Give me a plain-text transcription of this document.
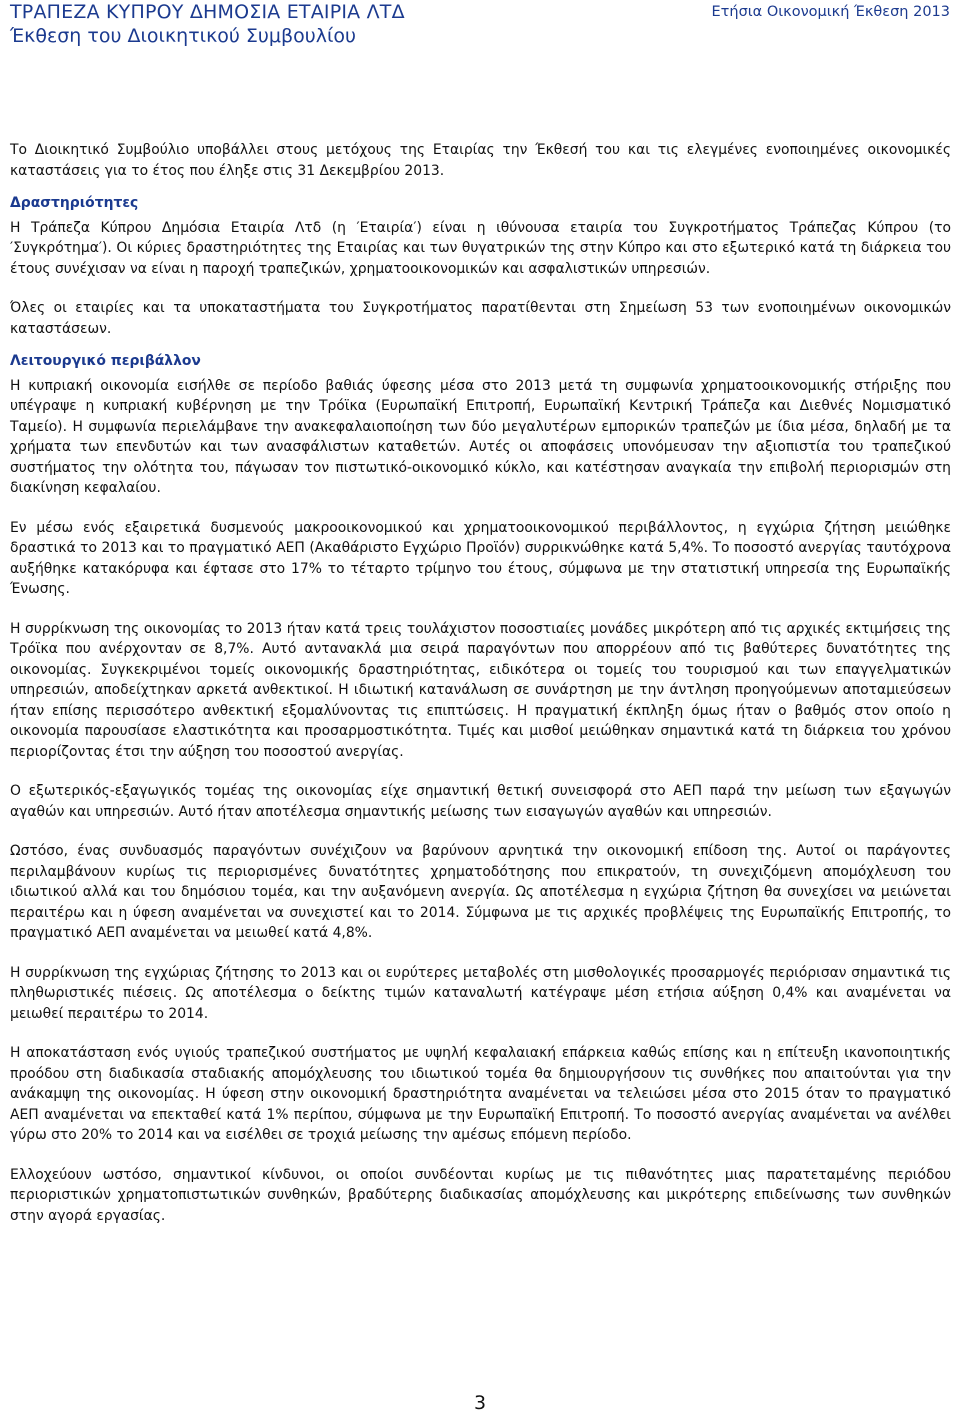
ΤΡΑΠΕΖΑ ΚΥΠΡΟΥ ΔΗΜΟΣΙΑ ΕΤΑΙΡΙΑ ΛΤΔ
Έκθεση του Διοικητικού Συμβουλίου
Ετήσια Οικονομική Έκθεση 2013

Το Διοικητικό Συμβούλιο υποβάλλει στους μετόχους της Εταιρίας την Έκθεσή του και τις ελεγμένες ενοποιημένες οικονομικές καταστάσεις για το έτος που έληξε στις 31 Δεκεμβρίου 2013.

Δραστηριότητες

Η Τράπεζα Κύπρου Δημόσια Εταιρία Λτδ (η ′Εταιρία′) είναι η ιθύνουσα εταιρία του Συγκροτήματος Τράπεζας Κύπρου (το ′Συγκρότημα′). Οι κύριες δραστηριότητες της Εταιρίας και των θυγατρικών της στην Κύπρο και στο εξωτερικό κατά τη διάρκεια του έτους συνέχισαν να είναι η παροχή τραπεζικών, χρηματοοικονομικών και ασφαλιστικών υπηρεσιών.

Όλες οι εταιρίες και τα υποκαταστήματα του Συγκροτήματος παρατίθενται στη Σημείωση 53 των ενοποιημένων οικονομικών καταστάσεων.

Λειτουργικό περιβάλλον

Η κυπριακή οικονομία εισήλθε σε περίοδο βαθιάς ύφεσης μέσα στο 2013 μετά τη συμφωνία χρηματοοικονομικής στήριξης που υπέγραψε η κυπριακή κυβέρνηση με την Τρόϊκα (Ευρωπαϊκή Επιτροπή, Ευρωπαϊκή Κεντρική Τράπεζα και Διεθνές Νομισματικό Ταμείο). Η συμφωνία περιελάμβανε την ανακεφαλαιοποίηση των δύο μεγαλυτέρων εμπορικών τραπεζών με ίδια μέσα, δηλαδή με τα χρήματα των επενδυτών και των ανασφάλιστων καταθετών. Αυτές οι αποφάσεις υπονόμευσαν την αξιοπιστία του τραπεζικού συστήματος την ολότητα του, πάγωσαν τον πιστωτικό-οικονομικό κύκλο, και κατέστησαν αναγκαία την επιβολή περιορισμών στη διακίνηση κεφαλαίου.

Εν μέσω ενός εξαιρετικά δυσμενούς μακροοικονομικού και χρηματοοικονομικού περιβάλλοντος, η εγχώρια ζήτηση μειώθηκε δραστικά το 2013 και το πραγματικό ΑΕΠ (Ακαθάριστο Εγχώριο Προϊόν) συρρικνώθηκε κατά 5,4%. Το ποσοστό ανεργίας ταυτόχρονα αυξήθηκε κατακόρυφα και έφτασε στο 17% το τέταρτο τρίμηνο του έτους, σύμφωνα με την στατιστική υπηρεσία της Ευρωπαϊκής Ένωσης.

Η συρρίκνωση της οικονομίας το 2013 ήταν κατά τρεις τουλάχιστον ποσοστιαίες μονάδες μικρότερη από τις αρχικές εκτιμήσεις της Τρόϊκα που ανέρχονταν σε 8,7%. Αυτό αντανακλά μια σειρά παραγόντων που απορρέουν από τις βαθύτερες δυνατότητες της οικονομίας. Συγκεκριμένοι τομείς οικονομικής δραστηριότητας, ειδικότερα οι τομείς του τουρισμού και των επαγγελματικών υπηρεσιών, αποδείχτηκαν αρκετά ανθεκτικοί. Η ιδιωτική κατανάλωση σε συνάρτηση με την άντληση προηγούμενων αποταμιεύσεων ήταν επίσης περισσότερο ανθεκτική εξομαλύνοντας τις επιπτώσεις. Η πραγματική έκπληξη όμως ήταν ο βαθμός στον οποίο η οικονομία παρουσίασε ελαστικότητα και προσαρμοστικότητα. Τιμές και μισθοί μειώθηκαν σημαντικά κατά τη διάρκεια του χρόνου περιορίζοντας έτσι την αύξηση του ποσοστού ανεργίας.

Ο εξωτερικός-εξαγωγικός τομέας της οικονομίας είχε σημαντική θετική συνεισφορά στο ΑΕΠ παρά την μείωση των εξαγωγών αγαθών και υπηρεσιών. Αυτό ήταν αποτέλεσμα σημαντικής μείωσης των εισαγωγών αγαθών και υπηρεσιών.

Ωστόσο, ένας συνδυασμός παραγόντων συνέχιζουν να βαρύνουν αρνητικά την οικονομική επίδοση της. Αυτοί οι παράγοντες περιλαμβάνουν κυρίως τις περιορισμένες δυνατότητες χρηματοδότησης που επικρατούν, τη συνεχιζόμενη απομόχλευση του ιδιωτικού αλλά και του δημόσιου τομέα, και την αυξανόμενη ανεργία. Ως αποτέλεσμα η εγχώρια ζήτηση θα συνεχίσει να μειώνεται περαιτέρω και η ύφεση αναμένεται να συνεχιστεί και το 2014. Σύμφωνα με τις αρχικές προβλέψεις της Ευρωπαϊκής Επιτροπής, το πραγματικό ΑΕΠ αναμένεται να μειωθεί κατά 4,8%.

Η συρρίκνωση της εγχώριας ζήτησης το 2013 και οι ευρύτερες μεταβολές στη μισθολογικές προσαρμογές περιόρισαν σημαντικά τις πληθωριστικές πιέσεις. Ως αποτέλεσμα ο δείκτης τιμών καταναλωτή κατέγραψε μέση ετήσια αύξηση 0,4% και αναμένεται να μειωθεί περαιτέρω το 2014.

Η αποκατάσταση ενός υγιούς τραπεζικού συστήματος με υψηλή κεφαλαιακή επάρκεια καθώς επίσης και η επίτευξη ικανοποιητικής προόδου στη διαδικασία σταδιακής απομόχλευσης του ιδιωτικού τομέα θα δημιουργήσουν τις συνθήκες που απαιτούνται για την ανάκαμψη της οικονομίας. Η ύφεση στην οικονομική δραστηριότητα αναμένεται να τελειώσει μέσα στο 2015 όταν το πραγματικό ΑΕΠ αναμένεται να επεκταθεί κατά 1% περίπου, σύμφωνα με την Ευρωπαϊκή Επιτροπή. Το ποσοστό ανεργίας αναμένεται να ανέλθει γύρω στο 20% το 2014 και να εισέλθει σε τροχιά μείωσης την αμέσως επόμενη περίοδο.

Ελλοχεύουν ωστόσο, σημαντικοί κίνδυνοι, οι οποίοι συνδέονται κυρίως με τις πιθανότητες μιας παρατεταμένης περιόδου περιοριστικών χρηματοπιστωτικών συνθηκών, βραδύτερης διαδικασίας απομόχλευσης και μικρότερης επιδείνωσης των συνθηκών στην αγορά εργασίας.

3
